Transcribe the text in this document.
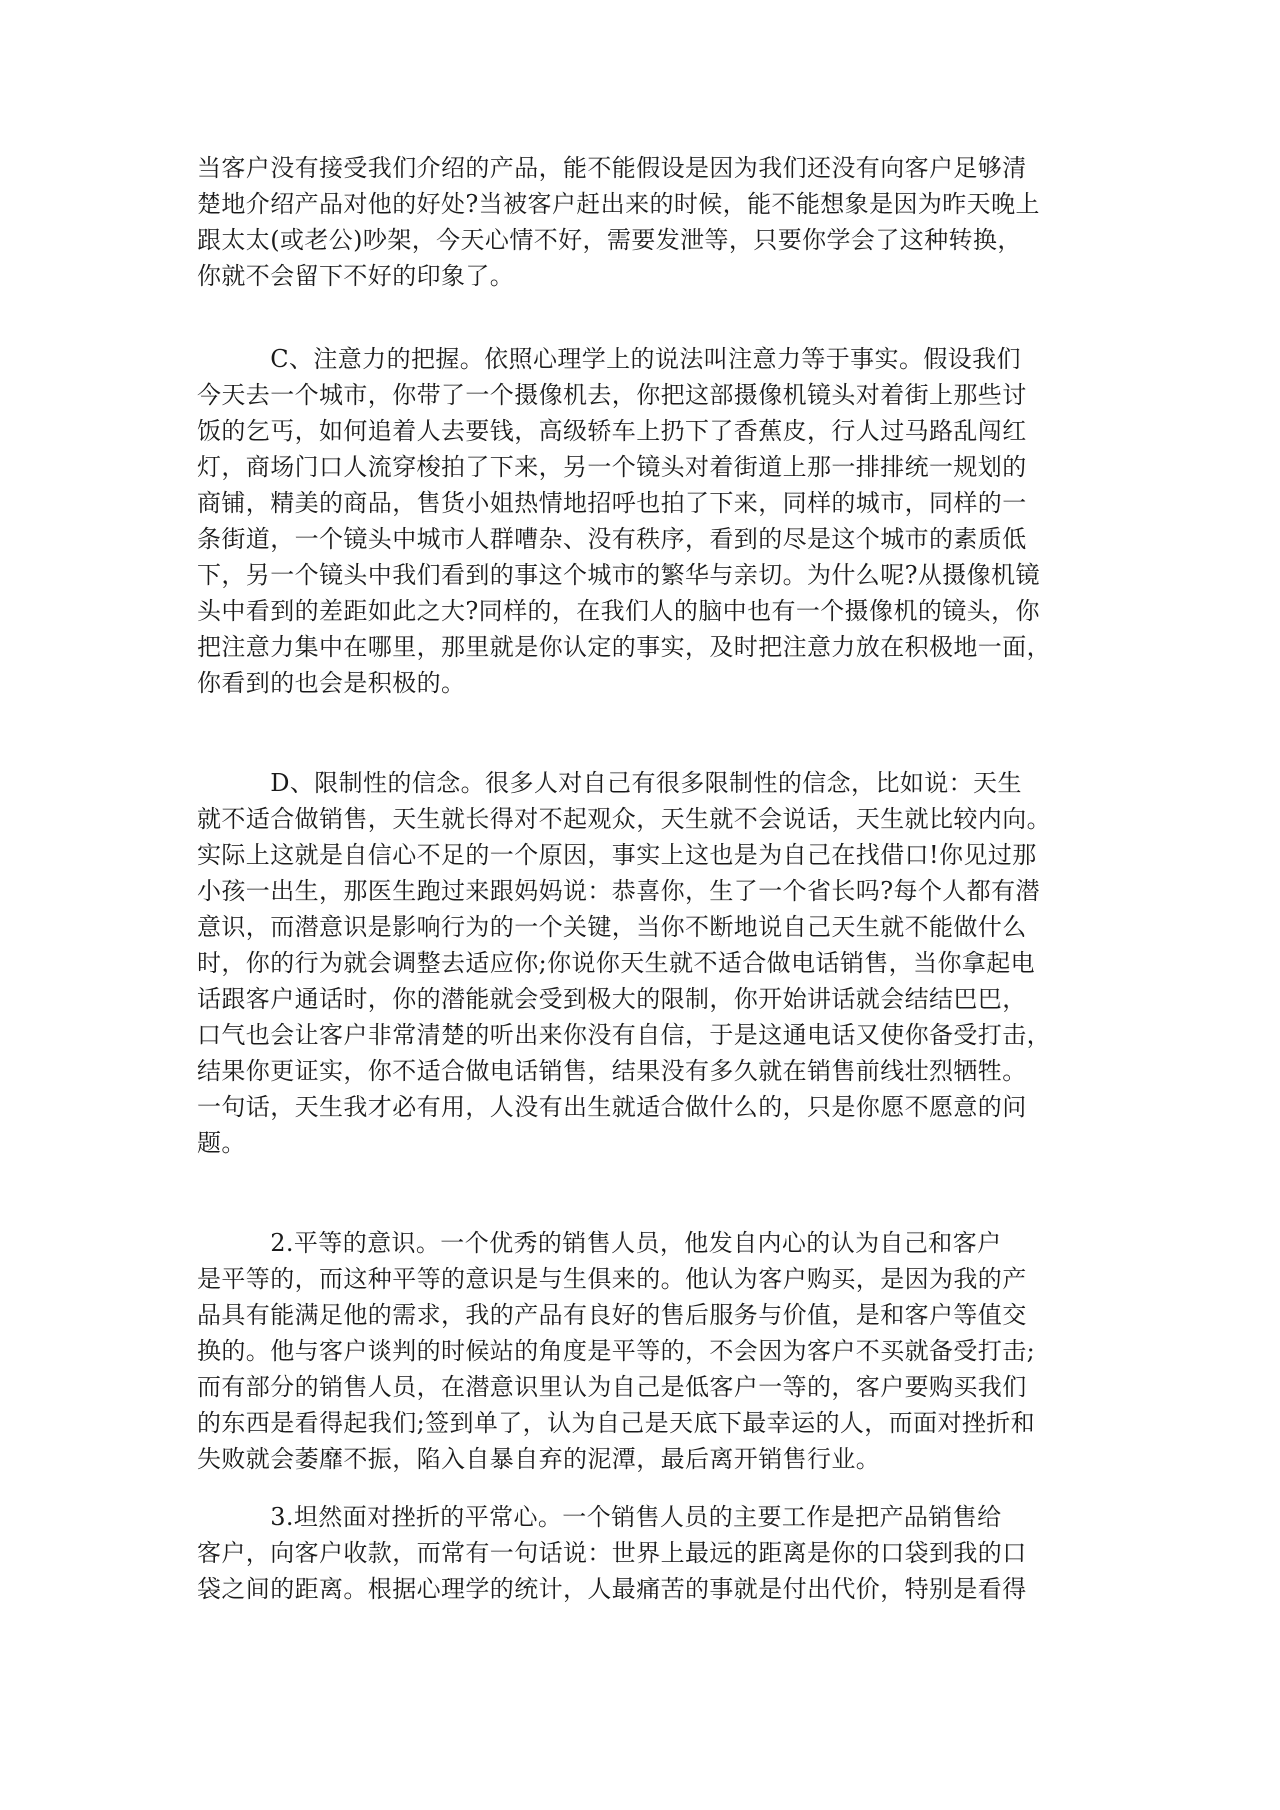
当客户没有接受我们介绍的产品，能不能假设是因为我们还没有向客户足够清
楚地介绍产品对他的好处?当被客户赶出来的时候，能不能想象是因为昨天晚上
跟太太(或老公)吵架，今天心情不好，需要发泄等，只要你学会了这种转换，
你就不会留下不好的印象了。
　　　C、注意力的把握。依照心理学上的说法叫注意力等于事实。假设我们
今天去一个城市，你带了一个摄像机去，你把这部摄像机镜头对着街上那些讨
饭的乞丐，如何追着人去要钱，高级轿车上扔下了香蕉皮，行人过马路乱闯红
灯，商场门口人流穿梭拍了下来，另一个镜头对着街道上那一排排统一规划的
商铺，精美的商品，售货小姐热情地招呼也拍了下来，同样的城市，同样的一
条街道，一个镜头中城市人群嘈杂、没有秩序，看到的尽是这个城市的素质低
下，另一个镜头中我们看到的事这个城市的繁华与亲切。为什么呢?从摄像机镜
头中看到的差距如此之大?同样的，在我们人的脑中也有一个摄像机的镜头，你
把注意力集中在哪里，那里就是你认定的事实，及时把注意力放在积极地一面，
你看到的也会是积极的。
　　　D、限制性的信念。很多人对自己有很多限制性的信念，比如说：天生
就不适合做销售，天生就长得对不起观众，天生就不会说话，天生就比较内向。
实际上这就是自信心不足的一个原因，事实上这也是为自己在找借口!你见过那
小孩一出生，那医生跑过来跟妈妈说：恭喜你，生了一个省长吗?每个人都有潜
意识，而潜意识是影响行为的一个关键，当你不断地说自己天生就不能做什么
时，你的行为就会调整去适应你;你说你天生就不适合做电话销售，当你拿起电
话跟客户通话时，你的潜能就会受到极大的限制，你开始讲话就会结结巴巴，
口气也会让客户非常清楚的听出来你没有自信，于是这通电话又使你备受打击，
结果你更证实，你不适合做电话销售，结果没有多久就在销售前线壮烈牺牲。
一句话，天生我才必有用，人没有出生就适合做什么的，只是你愿不愿意的问
题。
　　　2.平等的意识。一个优秀的销售人员，他发自内心的认为自己和客户
是平等的，而这种平等的意识是与生俱来的。他认为客户购买，是因为我的产
品具有能满足他的需求，我的产品有良好的售后服务与价值，是和客户等值交
换的。他与客户谈判的时候站的角度是平等的，不会因为客户不买就备受打击;
而有部分的销售人员，在潜意识里认为自己是低客户一等的，客户要购买我们
的东西是看得起我们;签到单了，认为自己是天底下最幸运的人，而面对挫折和
失败就会萎靡不振，陷入自暴自弃的泥潭，最后离开销售行业。
　　　3.坦然面对挫折的平常心。一个销售人员的主要工作是把产品销售给
客户，向客户收款，而常有一句话说：世界上最远的距离是你的口袋到我的口
袋之间的距离。根据心理学的统计，人最痛苦的事就是付出代价，特别是看得
